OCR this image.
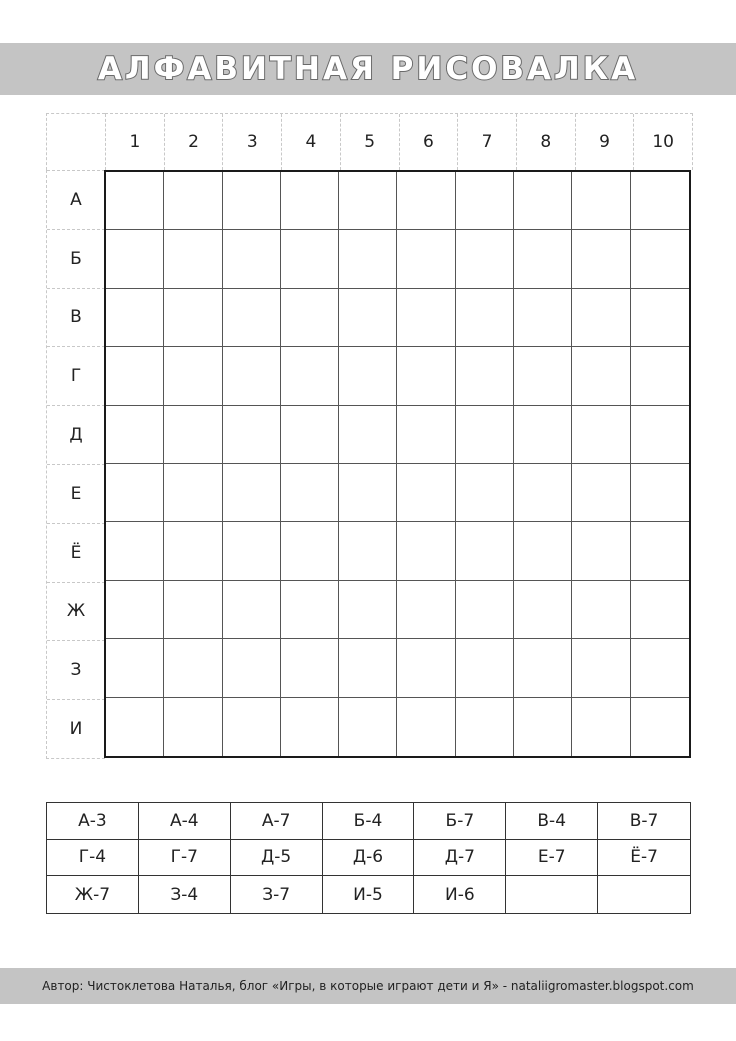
АЛФАВИТНАЯ РИСОВАЛКА
1	2	3	4	5	6	7	8	9	10
А
Б
В
Г
Д
Е
Ё
Ж
З
И
А-3	А-4	А-7	Б-4	Б-7	В-4	В-7
Г-4	Г-7	Д-5	Д-6	Д-7	Е-7	Ё-7
Ж-7	З-4	З-7	И-5	И-6
Автор: Чистоклетова Наталья, блог «Игры, в которые играют дети и Я» - nataliigromaster.blogspot.com
